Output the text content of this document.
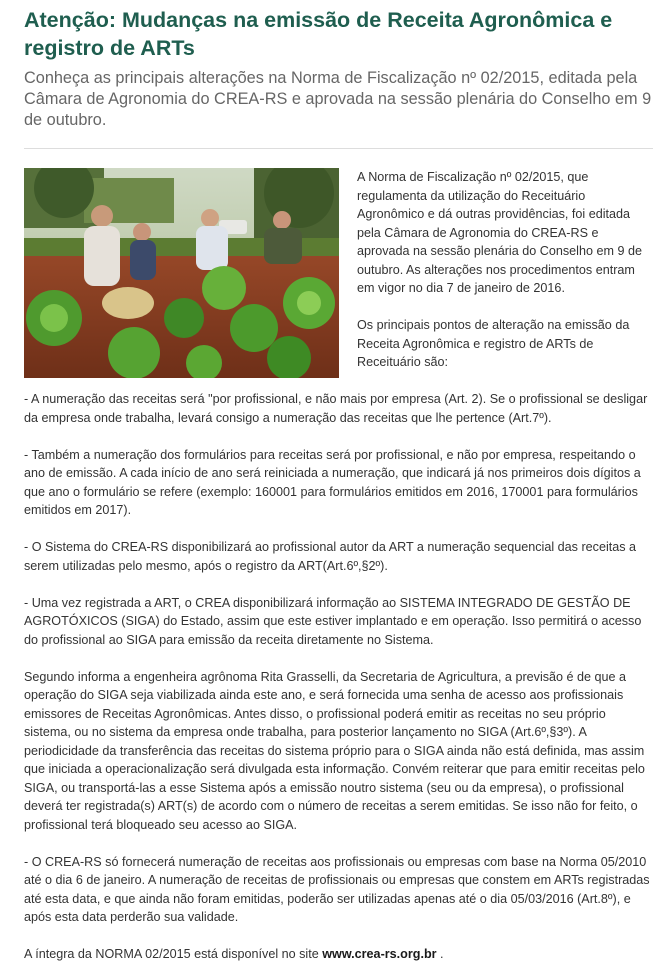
Atenção: Mudanças na emissão de Receita Agronômica e registro de ARTs

Conheça as principais alterações na Norma de Fiscalização nº 02/2015, editada pela Câmara de Agronomia do CREA-RS e aprovada na sessão plenária do Conselho em 9 de outubro.

A Norma de Fiscalização nº 02/2015, que regulamenta da utilização do Receituário Agronômico e dá outras providências, foi editada pela Câmara de Agronomia do CREA-RS e aprovada na sessão plenária do Conselho em 9 de outubro. As alterações nos procedimentos entram em vigor no dia 7 de janeiro de 2016.

Os principais pontos de alteração na emissão da Receita Agronômica e registro de ARTs de Receituário são:

- A numeração das receitas será "por profissional, e não mais por empresa (Art. 2). Se o profissional se desligar da empresa onde trabalha, levará consigo a numeração das receitas que lhe pertence (Art.7º).

- Também a numeração dos formulários para receitas será por profissional, e não por empresa, respeitando o ano de emissão. A cada início de ano será reiniciada a numeração, que indicará já nos primeiros dois dígitos a que ano o formulário se refere (exemplo: 160001 para formulários emitidos em 2016, 170001 para formulários emitidos em 2017).

- O Sistema do CREA-RS disponibilizará ao profissional autor da ART a numeração sequencial das receitas a serem utilizadas pelo mesmo, após o registro da ART(Art.6º,§2º).

- Uma vez registrada a ART, o CREA disponibilizará informação ao SISTEMA INTEGRADO DE GESTÃO DE AGROTÓXICOS (SIGA) do Estado, assim que este estiver implantado e em operação. Isso permitirá o acesso do profissional ao SIGA para emissão da receita diretamente no Sistema.

Segundo informa a engenheira agrônoma Rita Grasselli, da Secretaria de Agricultura, a previsão é de que a operação do SIGA seja viabilizada ainda este ano, e será fornecida uma senha de acesso aos profissionais emissores de Receitas Agronômicas. Antes disso, o profissional poderá emitir as receitas no seu próprio sistema, ou no sistema da empresa onde trabalha, para posterior lançamento no SIGA (Art.6º,§3º). A periodicidade da transferência das receitas do sistema próprio para o SIGA ainda não está definida, mas assim que iniciada a operacionalização será divulgada esta informação. Convém reiterar que para emitir receitas pelo SIGA, ou transportá-las a esse Sistema após a emissão noutro sistema (seu ou da empresa), o profissional deverá ter registrada(s) ART(s) de acordo com o número de receitas a serem emitidas. Se isso não for feito, o profissional terá bloqueado seu acesso ao SIGA.

- O CREA-RS só fornecerá numeração de receitas aos profissionais ou empresas com base na Norma 05/2010 até o dia 6 de janeiro. A numeração de receitas de profissionais ou empresas que constem em ARTs registradas até esta data, e que ainda não foram emitidas, poderão ser utilizadas apenas até o dia 05/03/2016 (Art.8º), e após esta data perderão sua validade.

A íntegra da NORMA 02/2015 está disponível no site www.crea-rs.org.br .
